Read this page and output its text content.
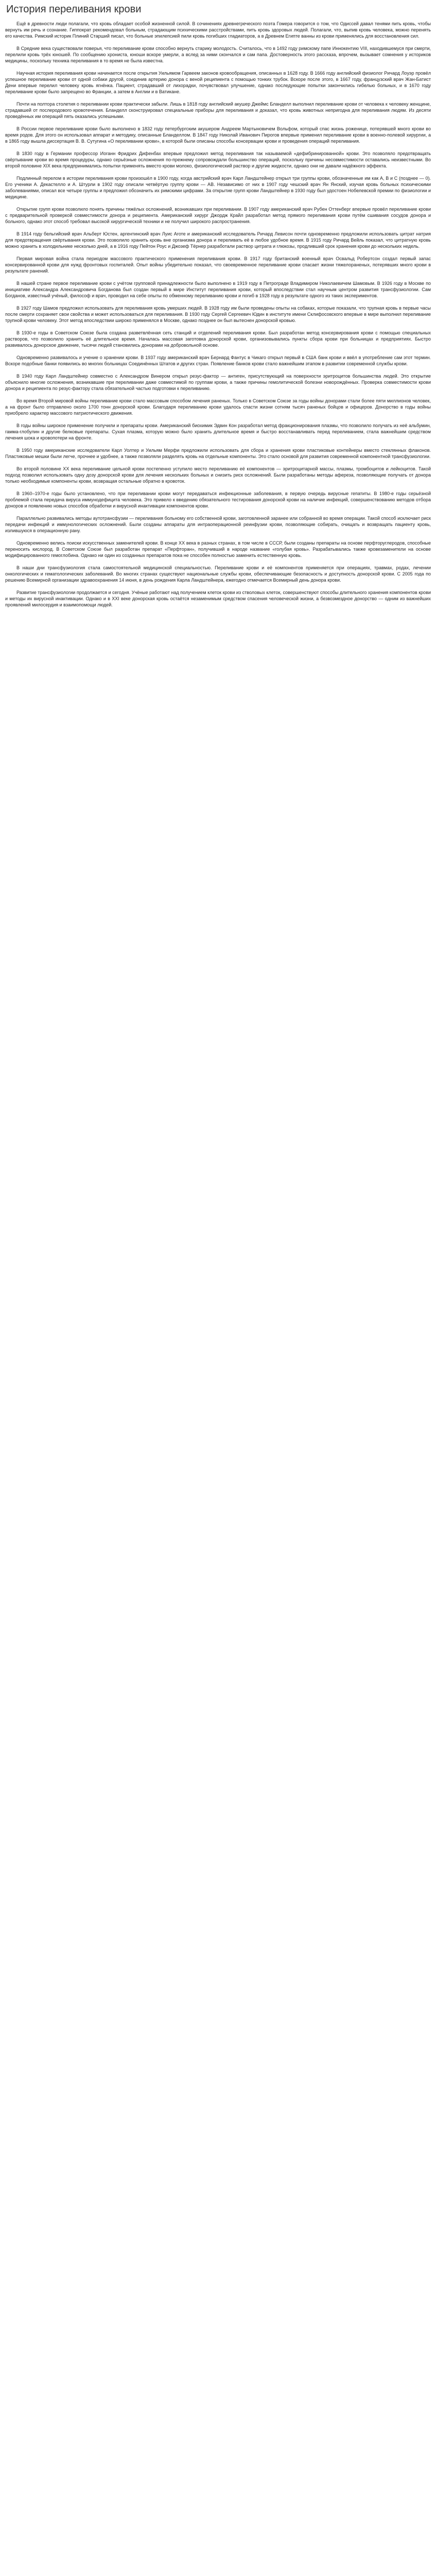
История переливания крови

Ещё в древности люди полагали, что кровь обладает особой жизненной силой. В сочинениях древнегреческого поэта Гомера говорится о том, что Одиссей давал тенями пить кровь, чтобы вернуть им речь и сознание. Гиппократ рекомендовал больным, страдающим психическими расстройствами, пить кровь здоровых людей. Полагали, что, выпив кровь человека, можно перенять его качества. Римский историк Плиний Старший писал, что больные эпилепсией пили кровь погибших гладиаторов, а в Древнем Египте ванны из крови применялись для восстановления сил.

В Средние века существовали поверья, что переливание крови способно вернуть старику молодость. Считалось, что в 1492 году римскому папе Иннокентию VIII, находившемуся при смерти, перелили кровь трёх юношей. По сообщению хрониста, юноши вскоре умерли, а вслед за ними скончался и сам папа. Достоверность этого рассказа, впрочем, вызывает сомнения у историков медицины, поскольку техника переливания в то время не была известна.

Научная история переливания крови начинается после открытия Уильямом Гарвеем законов кровообращения, описанных в 1628 году. В 1666 году английский физиолог Ричард Лоуэр провёл успешное переливание крови от одной собаки другой, соединив артерию донора с веной реципиента с помощью тонких трубок. Вскоре после этого, в 1667 году, французский врач Жан-Батист Дени впервые перелил человеку кровь ягнёнка. Пациент, страдавший от лихорадки, почувствовал улучшение, однако последующие попытки закончились гибелью больных, и в 1670 году переливание крови было запрещено во Франции, а затем в Англии и в Ватикане.

Почти на полтора столетия о переливании крови практически забыли. Лишь в 1818 году английский акушер Джеймс Бланделл выполнил переливание крови от человека к человеку женщине, страдавшей от послеродового кровотечения. Бланделл сконструировал специальные приборы для переливания и доказал, что кровь животных непригодна для переливания людям. Из десяти проведённых им операций пять оказались успешными.

В России первое переливание крови было выполнено в 1832 году петербургским акушером Андреем Мартыновичем Вольфом, который спас жизнь роженице, потерявшей много крови во время родов. Для этого он использовал аппарат и методику, описанные Бланделлом. В 1847 году Николай Иванович Пирогов впервые применил переливание крови в военно-полевой хирургии, а в 1865 году вышла диссертация В. В. Сутугина «О переливании крови», в которой были описаны способы консервации крови и проведения операций переливания.

В 1830 году в Германии профессор Иоганн Фридрих Дифенбах впервые предложил метод переливания так называемой «дефибринированной» крови. Это позволяло предотвращать свёртывание крови во время процедуры, однако серьёзные осложнения по-прежнему сопровождали большинство операций, поскольку причины несовместимости оставались неизвестными. Во второй половине XIX века предпринимались попытки применять вместо крови молоко, физиологический раствор и другие жидкости, однако они не давали надёжного эффекта.

Подлинный перелом в истории переливания крови произошёл в 1900 году, когда австрийский врач Карл Ландштейнер открыл три группы крови, обозначенные им как A, B и C (позднее — 0). Его ученики А. Декастелло и А. Штурли в 1902 году описали четвёртую группу крови — AB. Независимо от них в 1907 году чешский врач Ян Янский, изучая кровь больных психическими заболеваниями, описал все четыре группы и предложил обозначить их римскими цифрами. За открытие групп крови Ландштейнер в 1930 году был удостоен Нобелевской премии по физиологии и медицине.

Открытие групп крови позволило понять причины тяжёлых осложнений, возникавших при переливании. В 1907 году американский врач Рубен Оттенберг впервые провёл переливание крови с предварительной проверкой совместимости донора и реципиента. Американский хирург Джордж Крайл разработал метод прямого переливания крови путём сшивания сосудов донора и больного, однако этот способ требовал высокой хирургической техники и не получил широкого распространения.

В 1914 году бельгийский врач Альберт Юстен, аргентинский врач Луис Аготе и американский исследователь Ричард Левисон почти одновременно предложили использовать цитрат натрия для предотвращения свёртывания крови. Это позволило хранить кровь вне организма донора и переливать её в любое удобное время. В 1915 году Ричард Вейль показал, что цитратную кровь можно хранить в холодильнике несколько дней, а в 1916 году Пейтон Роус и Джозеф Тёрнер разработали раствор цитрата и глюкозы, продливший срок хранения крови до нескольких недель.

Первая мировая война стала периодом массового практического применения переливания крови. В 1917 году британский военный врач Освальд Робертсон создал первый запас консервированной крови для нужд фронтовых госпиталей. Опыт войны убедительно показал, что своевременное переливание крови спасает жизни тяжелораненых, потерявших много крови в результате ранений.

В нашей стране первое переливание крови с учётом групповой принадлежности было выполнено в 1919 году в Петрограде Владимиром Николаевичем Шамовым. В 1926 году в Москве по инициативе Александра Александровича Богданова был создан первый в мире Институт переливания крови, который впоследствии стал научным центром развития трансфузиологии. Сам Богданов, известный учёный, философ и врач, проводил на себе опыты по обменному переливанию крови и погиб в 1928 году в результате одного из таких экспериментов.

В 1927 году Шамов предложил использовать для переливания кровь умерших людей. В 1928 году им были проведены опыты на собаках, которые показали, что трупная кровь в первые часы после смерти сохраняет свои свойства и может использоваться для переливания. В 1930 году Сергей Сергеевич Юдин в институте имени Склифосовского впервые в мире выполнил переливание трупной крови человеку. Этот метод впоследствии широко применялся в Москве, однако позднее он был вытеснен донорской кровью.

В 1930-е годы в Советском Союзе была создана разветвлённая сеть станций и отделений переливания крови. Был разработан метод консервирования крови с помощью специальных растворов, что позволило хранить её длительное время. Началась массовая заготовка донорской крови, организовывались пункты сбора крови при больницах и предприятиях. Быстро развивалось донорское движение, тысячи людей становились донорами на добровольной основе.

Одновременно развивалось и учение о хранении крови. В 1937 году американский врач Бернард Фантус в Чикаго открыл первый в США банк крови и ввёл в употребление сам этот термин. Вскоре подобные банки появились во многих больницах Соединённых Штатов и других стран. Появление банков крови стало важнейшим этапом в развитии современной службы крови.

В 1940 году Карл Ландштейнер совместно с Александром Винером открыл резус-фактор — антиген, присутствующий на поверхности эритроцитов большинства людей. Это открытие объяснило многие осложнения, возникавшие при переливании даже совместимой по группам крови, а также причины гемолитической болезни новорождённых. Проверка совместимости крови донора и реципиента по резус-фактору стала обязательной частью подготовки к переливанию.

Во время Второй мировой войны переливание крови стало массовым способом лечения раненых. Только в Советском Союзе за годы войны донорами стали более пяти миллионов человек, а на фронт было отправлено около 1700 тонн донорской крови. Благодаря переливанию крови удалось спасти жизни сотням тысяч раненых бойцов и офицеров. Донорство в годы войны приобрело характер массового патриотического движения.

В годы войны широкое применение получили и препараты крови. Американский биохимик Эдвин Кон разработал метод фракционирования плазмы, что позволило получать из неё альбумин, гамма-глобулин и другие белковые препараты. Сухая плазма, которую можно было хранить длительное время и быстро восстанавливать перед переливанием, стала важнейшим средством лечения шока и кровопотери на фронте.

В 1950 году американские исследователи Карл Уолтер и Уильям Мерфи предложили использовать для сбора и хранения крови пластиковые контейнеры вместо стеклянных флаконов. Пластиковые мешки были легче, прочнее и удобнее, а также позволяли разделять кровь на отдельные компоненты. Это стало основой для развития современной компонентной трансфузиологии.

Во второй половине XX века переливание цельной крови постепенно уступило место переливанию её компонентов — эритроцитарной массы, плазмы, тромбоцитов и лейкоцитов. Такой подход позволил использовать одну дозу донорской крови для лечения нескольких больных и снизить риск осложнений. Были разработаны методы аферезa, позволяющие получать от донора только необходимые компоненты крови, возвращая остальные обратно в кровоток.

В 1960–1970-е годы было установлено, что при переливании крови могут передаваться инфекционные заболевания, в первую очередь вирусные гепатиты. В 1980-е годы серьёзной проблемой стала передача вируса иммунодефицита человека. Это привело к введению обязательного тестирования донорской крови на наличие инфекций, совершенствованию методов отбора доноров и появлению новых способов обработки и вирусной инактивации компонентов крови.

Параллельно развивались методы аутотрансфузии — переливания больному его собственной крови, заготовленной заранее или собранной во время операции. Такой способ исключает риск передачи инфекций и иммунологических осложнений. Были созданы аппараты для интраоперационной реинфузии крови, позволяющие собирать, очищать и возвращать пациенту кровь, излившуюся в операционную рану.

Одновременно велись поиски искусственных заменителей крови. В конце XX века в разных странах, в том числе в СССР, были созданы препараты на основе перфторуглеродов, способные переносить кислород. В Советском Союзе был разработан препарат «Перфторан», получивший в народе название «голубая кровь». Разрабатывались также кровезаменители на основе модифицированного гемоглобина. Однако ни один из созданных препаратов пока не способен полностью заменить естественную кровь.

В наши дни трансфузиология стала самостоятельной медицинской специальностью. Переливание крови и её компонентов применяется при операциях, травмах, родах, лечении онкологических и гематологических заболеваний. Во многих странах существуют национальные службы крови, обеспечивающие безопасность и доступность донорской крови. С 2005 года по решению Всемирной организации здравоохранения 14 июня, в день рождения Карла Ландштейнера, ежегодно отмечается Всемирный день донора крови.

Развитие трансфузиологии продолжается и сегодня. Учёные работают над получением клеток крови из стволовых клеток, совершенствуют способы длительного хранения компонентов крови и методы их вирусной инактивации. Однако и в XXI веке донорская кровь остаётся незаменимым средством спасения человеческой жизни, а безвозмездное донорство — одним из важнейших проявлений милосердия и взаимопомощи людей.
